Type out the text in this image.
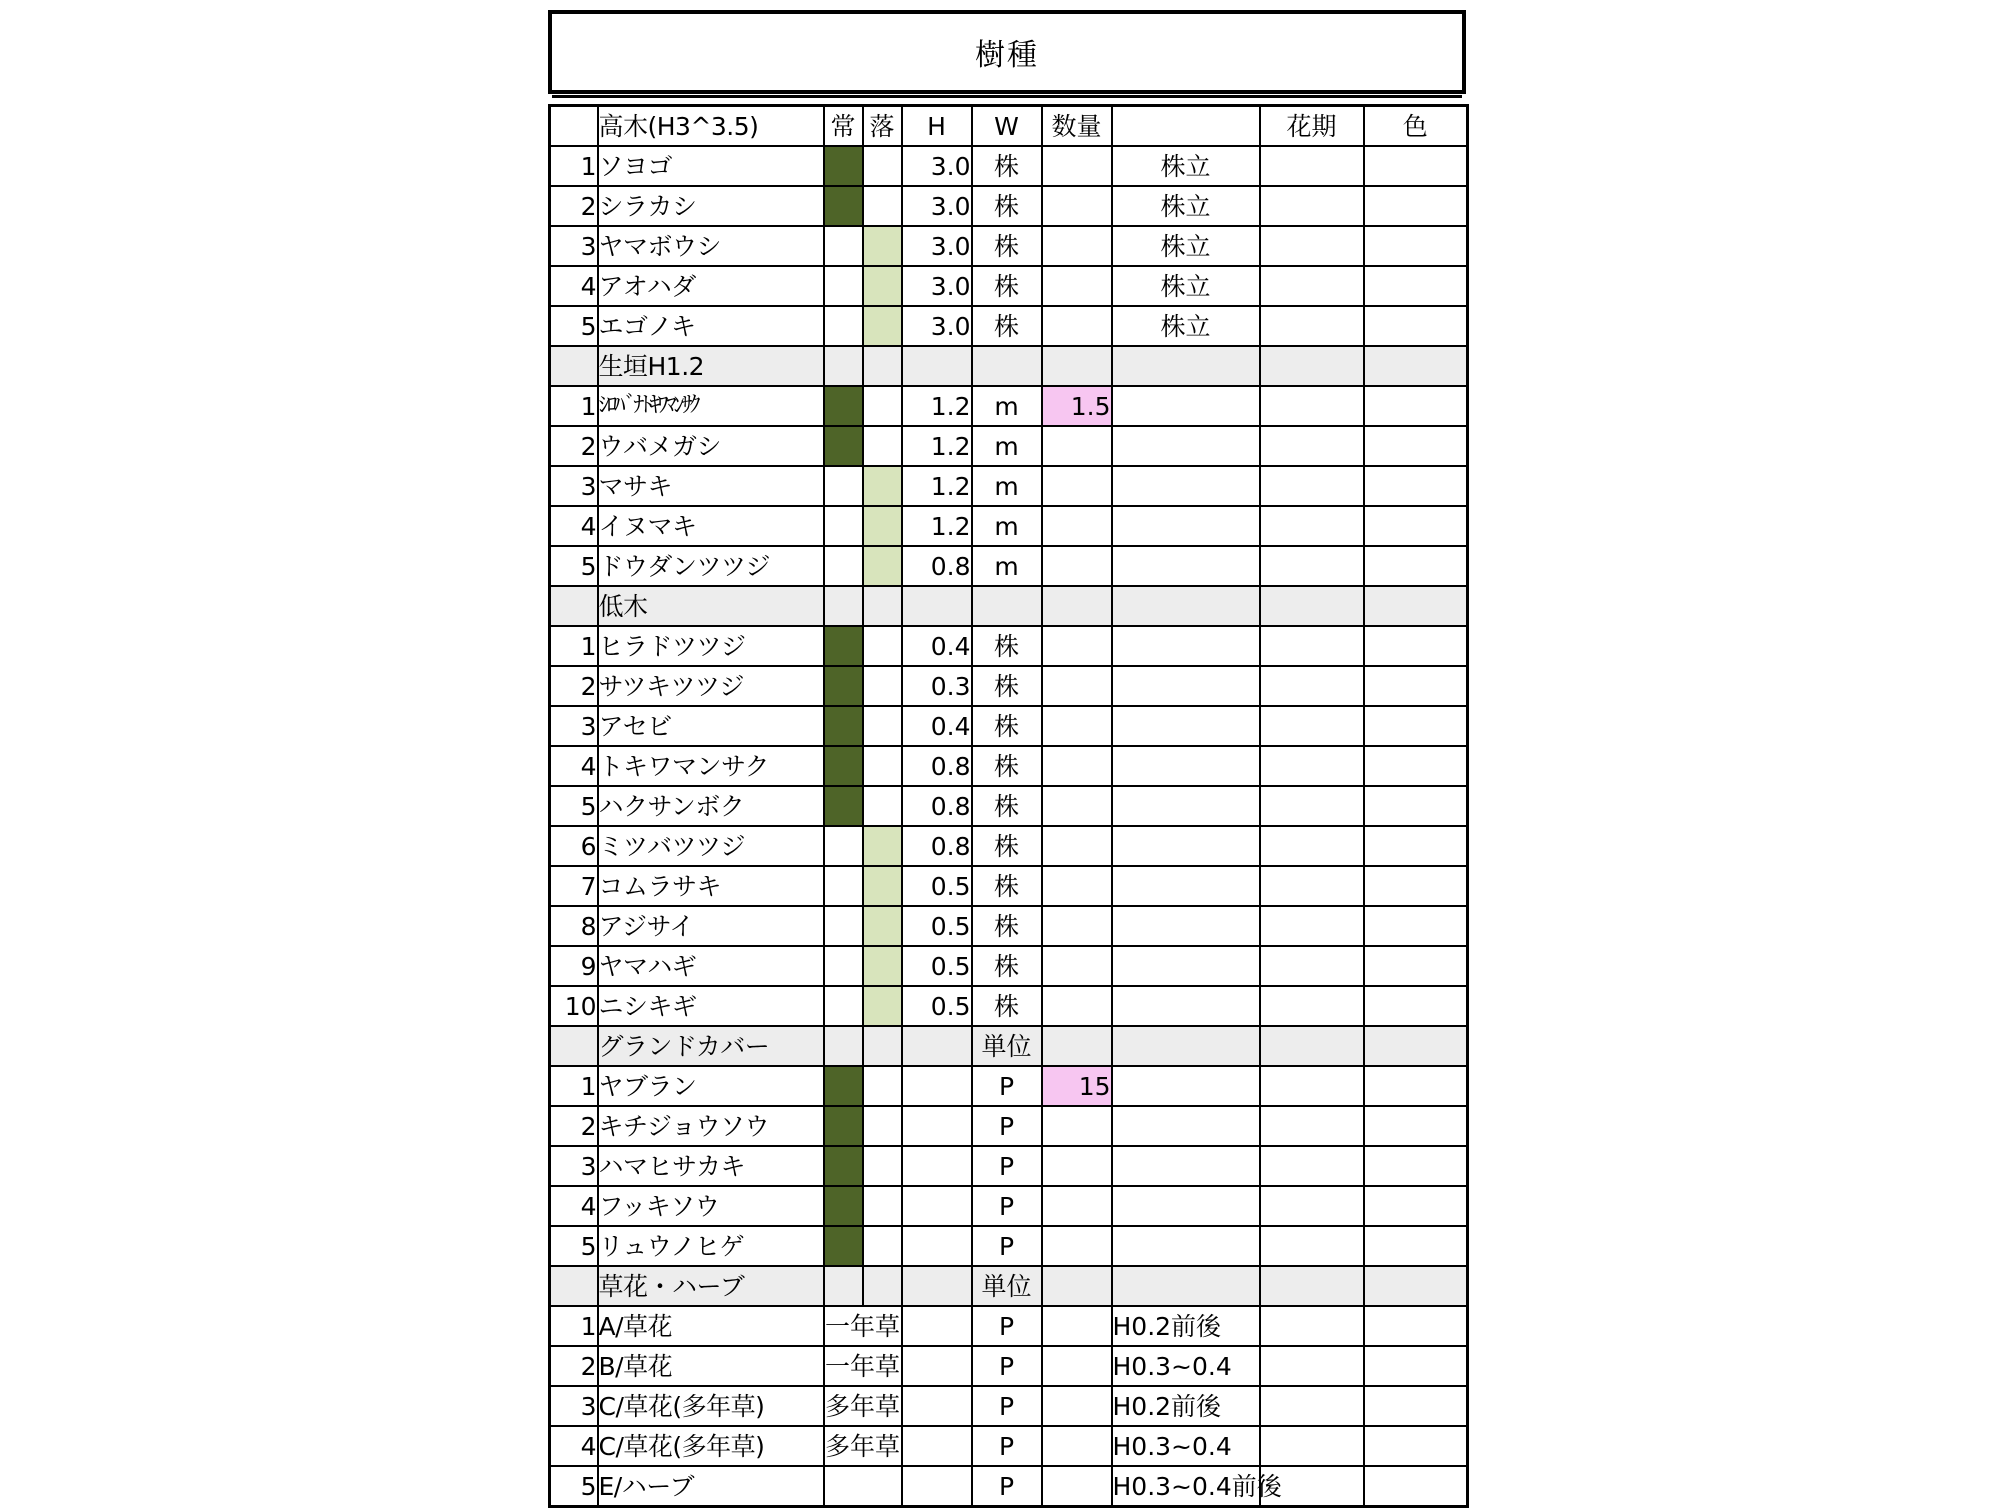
樹種
	高木(H3^3.5)	常	落	H	W	数量		花期	色
1	ソヨゴ			3.0	株		株立		
2	シラカシ			3.0	株		株立		
3	ヤマボウシ			3.0	株		株立		
4	アオハダ			3.0	株		株立		
5	エゴノキ			3.0	株		株立		
	生垣H1.2								
1	ｼﾛﾊﾞﾅﾄｷﾜﾏﾝｻｸ			1.2	m	1.5			
2	ウバメガシ			1.2	m				
3	マサキ			1.2	m				
4	イヌマキ			1.2	m				
5	ドウダンツツジ			0.8	m				
	低木								
1	ヒラドツツジ			0.4	株				
2	サツキツツジ			0.3	株				
3	アセビ			0.4	株				
4	トキワマンサク			0.8	株				
5	ハクサンボク			0.8	株				
6	ミツバツツジ			0.8	株				
7	コムラサキ			0.5	株				
8	アジサイ			0.5	株				
9	ヤマハギ			0.5	株				
10	ニシキギ			0.5	株				
	グランドカバー				単位				
1	ヤブラン				P	15			
2	キチジョウソウ				P				
3	ハマヒサカキ				P				
4	フッキソウ				P				
5	リュウノヒゲ				P				
	草花・ハーブ				単位				
1	A/草花	一年草			P		H0.2前後		
2	B/草花	一年草			P		H0.3~0.4		
3	C/草花(多年草)	多年草			P		H0.2前後		
4	C/草花(多年草)	多年草			P		H0.3~0.4		
5	E/ハーブ				P		H0.3~0.4前後		
